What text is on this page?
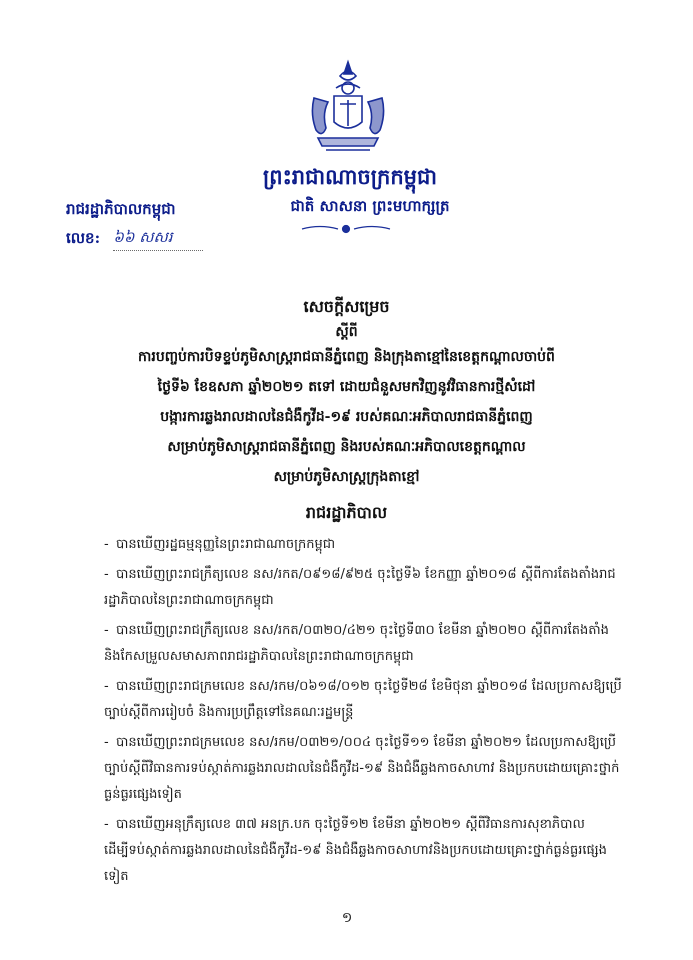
ព្រះរាជាណាចក្រកម្ពុជា
ជាតិ សាសនា ព្រះមហាក្សត្រ
រាជរដ្ឋាភិបាលកម្ពុជា
លេខ: ៦៦ សសរ
សេចក្តីសម្រេច
ស្តីពី
ការបញ្ចប់ការបិទខ្ទប់ភូមិសាស្ត្ររាជធានីភ្នំពេញ និងក្រុងតាខ្មៅនៃខេត្តកណ្តាលចាប់ពី
ថ្ងៃទី៦ ខែឧសភា ឆ្នាំ២០២១ តទៅ ដោយជំនួសមកវិញនូវវិធានការថ្មីសំដៅ
បង្ការការឆ្លងរាលដាលនៃជំងឺកូវីដ-១៩ របស់គណៈអភិបាលរាជធានីភ្នំពេញ
សម្រាប់ភូមិសាស្ត្ររាជធានីភ្នំពេញ និងរបស់គណៈអភិបាលខេត្តកណ្តាល
សម្រាប់ភូមិសាស្ត្រក្រុងតាខ្មៅ
រាជរដ្ឋាភិបាល
- បានឃើញរដ្ឋធម្មនុញ្ញនៃព្រះរាជាណាចក្រកម្ពុជា
- បានឃើញព្រះរាជក្រឹត្យលេខ នស/រកត/០៩១៨/៩២៥ ចុះថ្ងៃទី៦ ខែកញ្ញា ឆ្នាំ២០១៨ ស្តីពីការតែងតាំងរាជរដ្ឋាភិបាលនៃព្រះរាជាណាចក្រកម្ពុជា
- បានឃើញព្រះរាជក្រឹត្យលេខ នស/រកត/០៣២០/៤២១ ចុះថ្ងៃទី៣០ ខែមីនា ឆ្នាំ២០២០ ស្តីពីការតែងតាំង និងកែសម្រួលសមាសភាពរាជរដ្ឋាភិបាលនៃព្រះរាជាណាចក្រកម្ពុជា
- បានឃើញព្រះរាជក្រមលេខ នស/រកម/០៦១៨/០១២ ចុះថ្ងៃទី២៨ ខែមិថុនា ឆ្នាំ២០១៨ ដែលប្រកាសឱ្យប្រើច្បាប់ស្តីពីការរៀបចំ និងការប្រព្រឹត្តទៅនៃគណៈរដ្ឋមន្ត្រី
- បានឃើញព្រះរាជក្រមលេខ នស/រកម/០៣២១/០០៤ ចុះថ្ងៃទី១១ ខែមីនា ឆ្នាំ២០២១ ដែលប្រកាសឱ្យប្រើច្បាប់ស្តីពីវិធានការទប់ស្កាត់ការឆ្លងរាលដាលនៃជំងឺកូវីដ-១៩ និងជំងឺឆ្លងកាចសាហាវ និងប្រកបដោយគ្រោះថ្នាក់ធ្ងន់ធ្ងរផ្សេងទៀត
- បានឃើញអនុក្រឹត្យលេខ ៣៧ អនក្រ.បក ចុះថ្ងៃទី១២ ខែមីនា ឆ្នាំ២០២១ ស្តីពីវិធានការសុខាភិបាលដើម្បីទប់ស្កាត់ការឆ្លងរាលដាលនៃជំងឺកូវីដ-១៩ និងជំងឺឆ្លងកាចសាហាវនិងប្រកបដោយគ្រោះថ្នាក់ធ្ងន់ធ្ងរផ្សេងទៀត
១
